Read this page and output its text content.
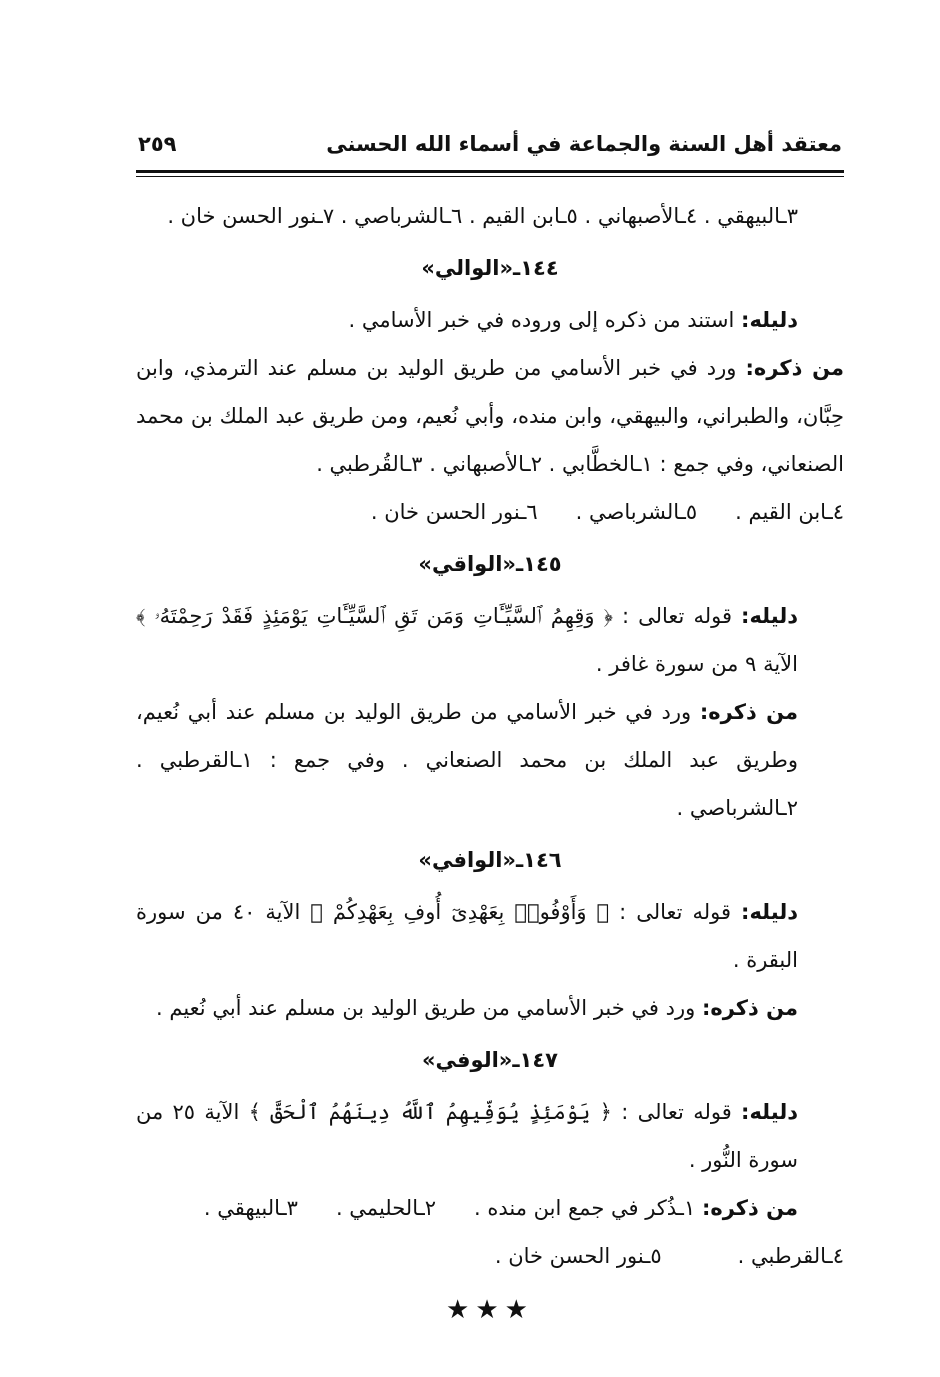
معتقد أهل السنة والجماعة في أسماء الله الحسنى
٢٥٩

٣ـالبيهقي . ٤ـالأصبهاني . ٥ـابن القيم . ٦ـالشرباصي . ٧ـنور الحسن خان .

١٤٤ـ«الوالي»

دليله: استند من ذكره إلى وروده في خبر الأسامي .

من ذكره: ورد في خبر الأسامي من طريق الوليد بن مسلم عند الترمذي، وابن حِبَّان، والطبراني، والبيهقي، وابن منده، وأبي نُعيم، ومن طريق عبد الملك بن محمد الصنعاني، وفي جمع : ١ـالخطَّابي . ٢ـالأصبهاني . ٣ـالقُرطبي .

٤ـابن القيم .٥ـالشرباصي .٦ـنور الحسن خان .

١٤٥ـ«الواقي»

دليله: قوله تعالى : ﴿ وَقِهِمُ ٱلسَّيِّـَٔاتِ وَمَن تَقِ ٱلسَّيِّـَٔاتِ يَوْمَئِذٍ فَقَدْ رَحِمْتَهُۥ ﴾ الآية ٩ من سورة غافر .

من ذكره: ورد في خبر الأسامي من طريق الوليد بن مسلم عند أبي نُعيم، وطريق عبد الملك بن محمد الصنعاني . وفي جمع : ١ـالقرطبي . ٢ـالشرباصي .

١٤٦ـ«الوافي»

دليله: قوله تعالى : ﴿ وَأَوْفُوا۟ بِعَهْدِىٓ أُوفِ بِعَهْدِكُمْ ﴾ الآية ٤٠ من سورة البقرة .

من ذكره: ورد في خبر الأسامي من طريق الوليد بن مسلم عند أبي نُعيم .

١٤٧ـ«الوفي»

دليله: قوله تعالى : ﴿ يَوْمَئِذٍ يُوَفِّيهِمُ ٱللَّهُ دِينَهُمُ ٱلْحَقَّ ﴾ الآية ٢٥ من سورة النُّور .

من ذكره: ١ـذُكر في جمع ابن منده .٢ـالحليمي .٣ـالبيهقي .

٤ـالقرطبي .٥ـنور الحسن خان .

★★★
